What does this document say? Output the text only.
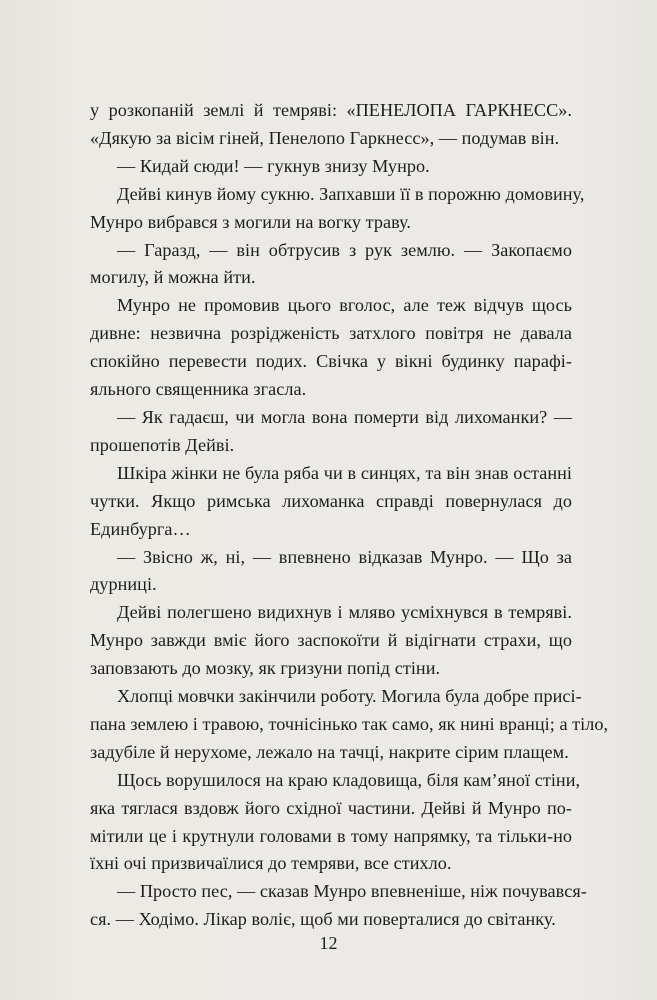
у розкопаній землі й темряві: «ПЕНЕЛОПА ГАРКНЕСС».
«Дякую за вісім гіней, Пенелопо Гаркнесс», — подумав він.
— Кидай сюди! — гукнув знизу Мунро.
Дейві кинув йому сукню. Запхавши її в порожню домовину,
Мунро вибрався з могили на вогку траву.
— Гаразд, — він обтрусив з рук землю. — Закопаємо
могилу, й можна йти.
Мунро не промовив цього вголос, але теж відчув щось
дивне: незвична розрідженість затхлого повітря не давала
спокійно перевести подих. Свічка у вікні будинку парафі-
яльного священника згасла.
— Як гадаєш, чи могла вона померти від лихоманки? —
прошепотів Дейві.
Шкіра жінки не була ряба чи в синцях, та він знав останні
чутки. Якщо римська лихоманка справді повернулася до
Единбурга…
— Звісно ж, ні, — впевнено відказав Мунро. — Що за
дурниці.
Дейві полегшено видихнув і мляво усміхнувся в темряві.
Мунро завжди вміє його заспокоїти й відігнати страхи, що
заповзають до мозку, як гризуни попід стіни.
Хлопці мовчки закінчили роботу. Могила була добре присі-
пана землею і травою, точнісінько так само, як нині вранці; а тіло,
задубіле й нерухоме, лежало на тачці, накрите сірим плащем.
Щось ворушилося на краю кладовища, біля кам’яної стіни,
яка тяглася вздовж його східної частини. Дейві й Мунро по-
мітили це і крутнули головами в тому напрямку, та тільки-но
їхні очі призвичаїлися до темряви, все стихло.
— Просто пес, — сказав Мунро впевненіше, ніж почувався-
ся. — Ходімо. Лікар воліє, щоб ми поверталися до світанку.
12
